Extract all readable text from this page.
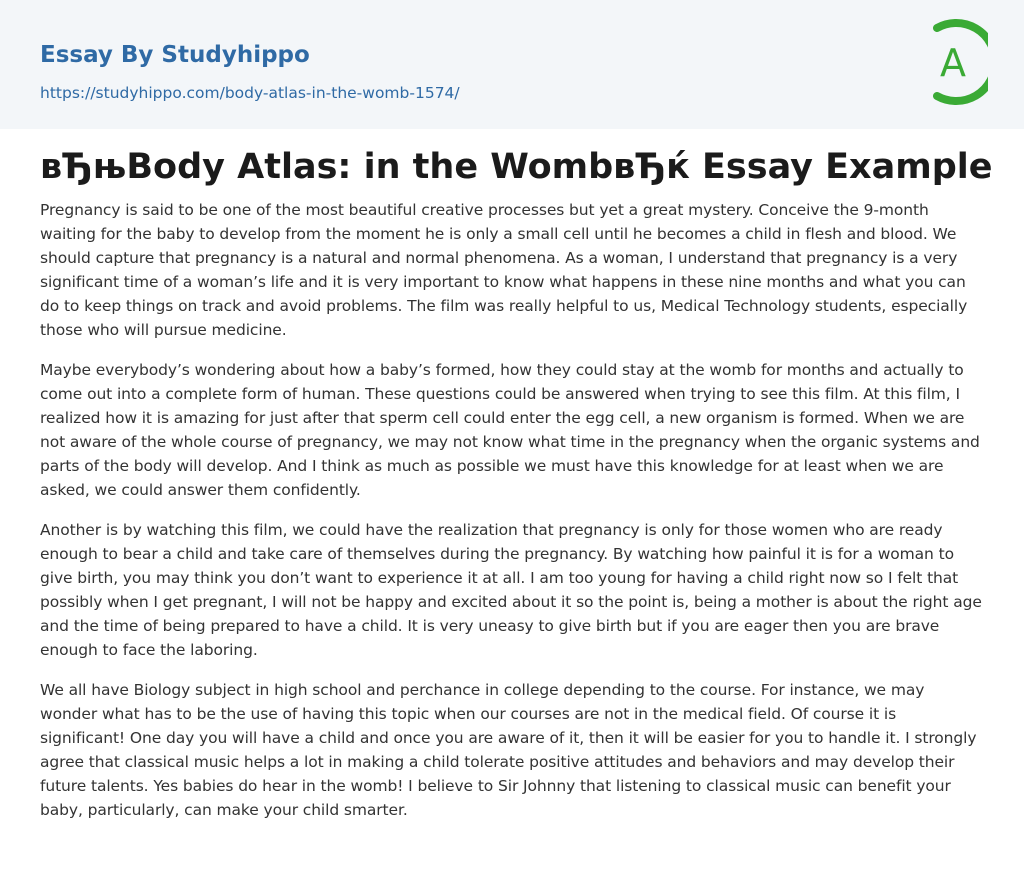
Essay By Studyhippo
https://studyhippo.com/body-atlas-in-the-womb-1574/
A
вЂњBody Atlas: in the WombвЂќ Essay Example

Pregnancy is said to be one of the most beautiful creative processes but yet a great mystery. Conceive the 9-month waiting for the baby to develop from the moment he is only a small cell until he becomes a child in flesh and blood. We should capture that pregnancy is a natural and normal phenomena. As a woman, I understand that pregnancy is a very significant time of a woman’s life and it is very important to know what happens in these nine months and what you can do to keep things on track and avoid problems. The film was really helpful to us, Medical Technology students, especially those who will pursue medicine.

Maybe everybody’s wondering about how a baby’s formed, how they could stay at the womb for months and actually to come out into a complete form of human. These questions could be answered when trying to see this film. At this film, I realized how it is amazing for just after that sperm cell could enter the egg cell, a new organism is formed. When we are not aware of the whole course of pregnancy, we may not know what time in the pregnancy when the organic systems and parts of the body will develop. And I think as much as possible we must have this knowledge for at least when we are asked, we could answer them confidently.

Another is by watching this film, we could have the realization that pregnancy is only for those women who are ready enough to bear a child and take care of themselves during the pregnancy. By watching how painful it is for a woman to give birth, you may think you don’t want to experience it at all. I am too young for having a child right now so I felt that possibly when I get pregnant, I will not be happy and excited about it so the point is, being a mother is about the right age and the time of being prepared to have a child. It is very uneasy to give birth but if you are eager then you are brave enough to face the laboring.

We all have Biology subject in high school and perchance in college depending to the course. For instance, we may wonder what has to be the use of having this topic when our courses are not in the medical field. Of course it is significant! One day you will have a child and once you are aware of it, then it will be easier for you to handle it. I strongly agree that classical music helps a lot in making a child tolerate positive attitudes and behaviors and may develop their future talents. Yes babies do hear in the womb! I believe to Sir Johnny that listening to classical music can benefit your baby, particularly, can make your child smarter.
